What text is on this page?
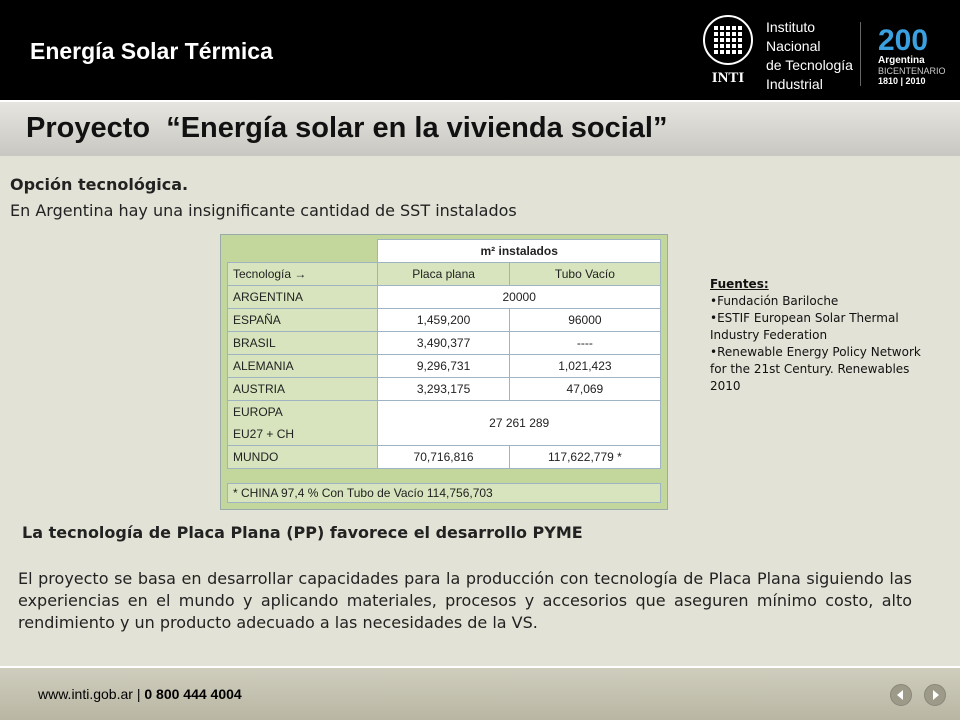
Energía Solar Térmica
INTI
Instituto
Nacional
de Tecnología
Industrial
200
Argentina
BICENTENARIO
1810 | 2010
Proyecto  “Energía solar en la vivienda social”
Opción tecnológica.
En Argentina hay una insignificante cantidad de SST instalados
	m² instalados	
Tecnología →	Placa plana	Tubo Vacío
ARGENTINA	20000	
ESPAÑA	1,459,200	96000
BRASIL	3,490,377	----
ALEMANIA	9,296,731	1,021,423
AUSTRIA	3,293,175	47,069

EUROPA
EU27 + CH	27 261 289	
MUNDO	70,716,816	117,622,779 *
* CHINA 97,4 % Con Tubo de Vacío 114,756,703
Fuentes:
•Fundación Bariloche
•ESTIF European Solar Thermal Industry Federation
•Renewable Energy Policy Network for the 21st Century. Renewables 2010
La tecnología de Placa Plana (PP) favorece el desarrollo PYME
El proyecto se basa en desarrollar capacidades para la producción con tecnología de Placa Plana siguiendo las experiencias en el mundo y aplicando materiales, procesos y accesorios que aseguren mínimo costo, alto rendimiento y un producto adecuado a las necesidades de la VS.
www.inti.gob.ar | 0 800 444 4004
